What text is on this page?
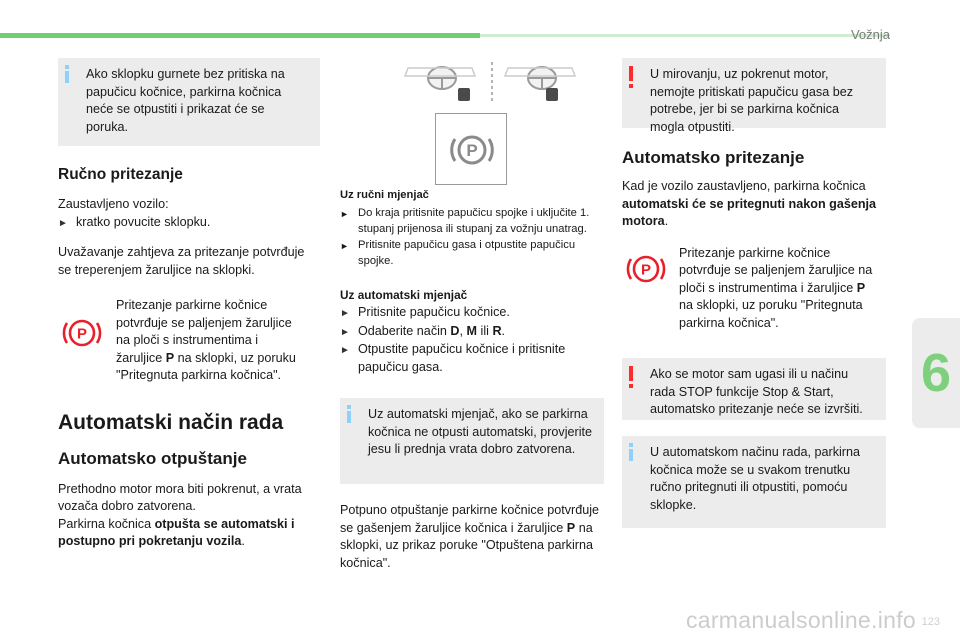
Vožnja
6
carmanualsonline.info 123
Ako sklopku gurnete bez pritiska na papučicu kočnice, parkirna kočnica neće se otpustiti i prikazat će se poruka.
Ručno pritezanje

Zaustavljeno vozilo:

► kratko povucite sklopku.

Uvažavanje zahtjeva za pritezanje potvrđuje se treperenjem žaruljice na sklopki.

P

Pritezanje parkirne kočnice potvrđuje se paljenjem žaruljice na ploči s instrumentima i žaruljice P na sklopki, uz poruku "Pritegnuta parkirna kočnica".

Automatski način rada
Automatsko otpuštanje

Prethodno motor mora biti pokrenut, a vrata vozača dobro zatvorena.

Parkirna kočnica otpušta se automatski i postupno pri pokretanju vozila.

P

Uz ručni mjenjač

► Do kraja pritisnite papučicu spojke i uključite 1. stupanj prijenosa ili stupanj za vožnju unatrag.
► Pritisnite papučicu gasa i otpustite papučicu spojke.

Uz automatski mjenjač

► Pritisnite papučicu kočnice.
► Odaberite način D, M ili R.
► Otpustite papučicu kočnice i pritisnite papučicu gasa.
Uz automatski mjenjač, ako se parkirna kočnica ne otpusti automatski, provjerite jesu li prednja vrata dobro zatvorena.

Potpuno otpuštanje parkirne kočnice potvrđuje se gašenjem žaruljice kočnica i žaruljice P na sklopki, uz prikaz poruke "Otpuštena parkirna kočnica".

U mirovanju, uz pokrenut motor, nemojte pritiskati papučicu gasa bez potrebe, jer bi se parkirna kočnica mogla otpustiti.
Automatsko pritezanje

Kad je vozilo zaustavljeno, parkirna kočnica automatski će se pritegnuti nakon gašenja motora.

P

Pritezanje parkirne kočnice potvrđuje se paljenjem žaruljice na ploči s instrumentima i žaruljice P na sklopki, uz poruku "Pritegnuta parkirna kočnica".

Ako se motor sam ugasi ili u načinu rada STOP funkcije Stop & Start, automatsko pritezanje neće se izvršiti.
U automatskom načinu rada, parkirna kočnica može se u svakom trenutku ručno pritegnuti ili otpustiti, pomoću sklopke.
